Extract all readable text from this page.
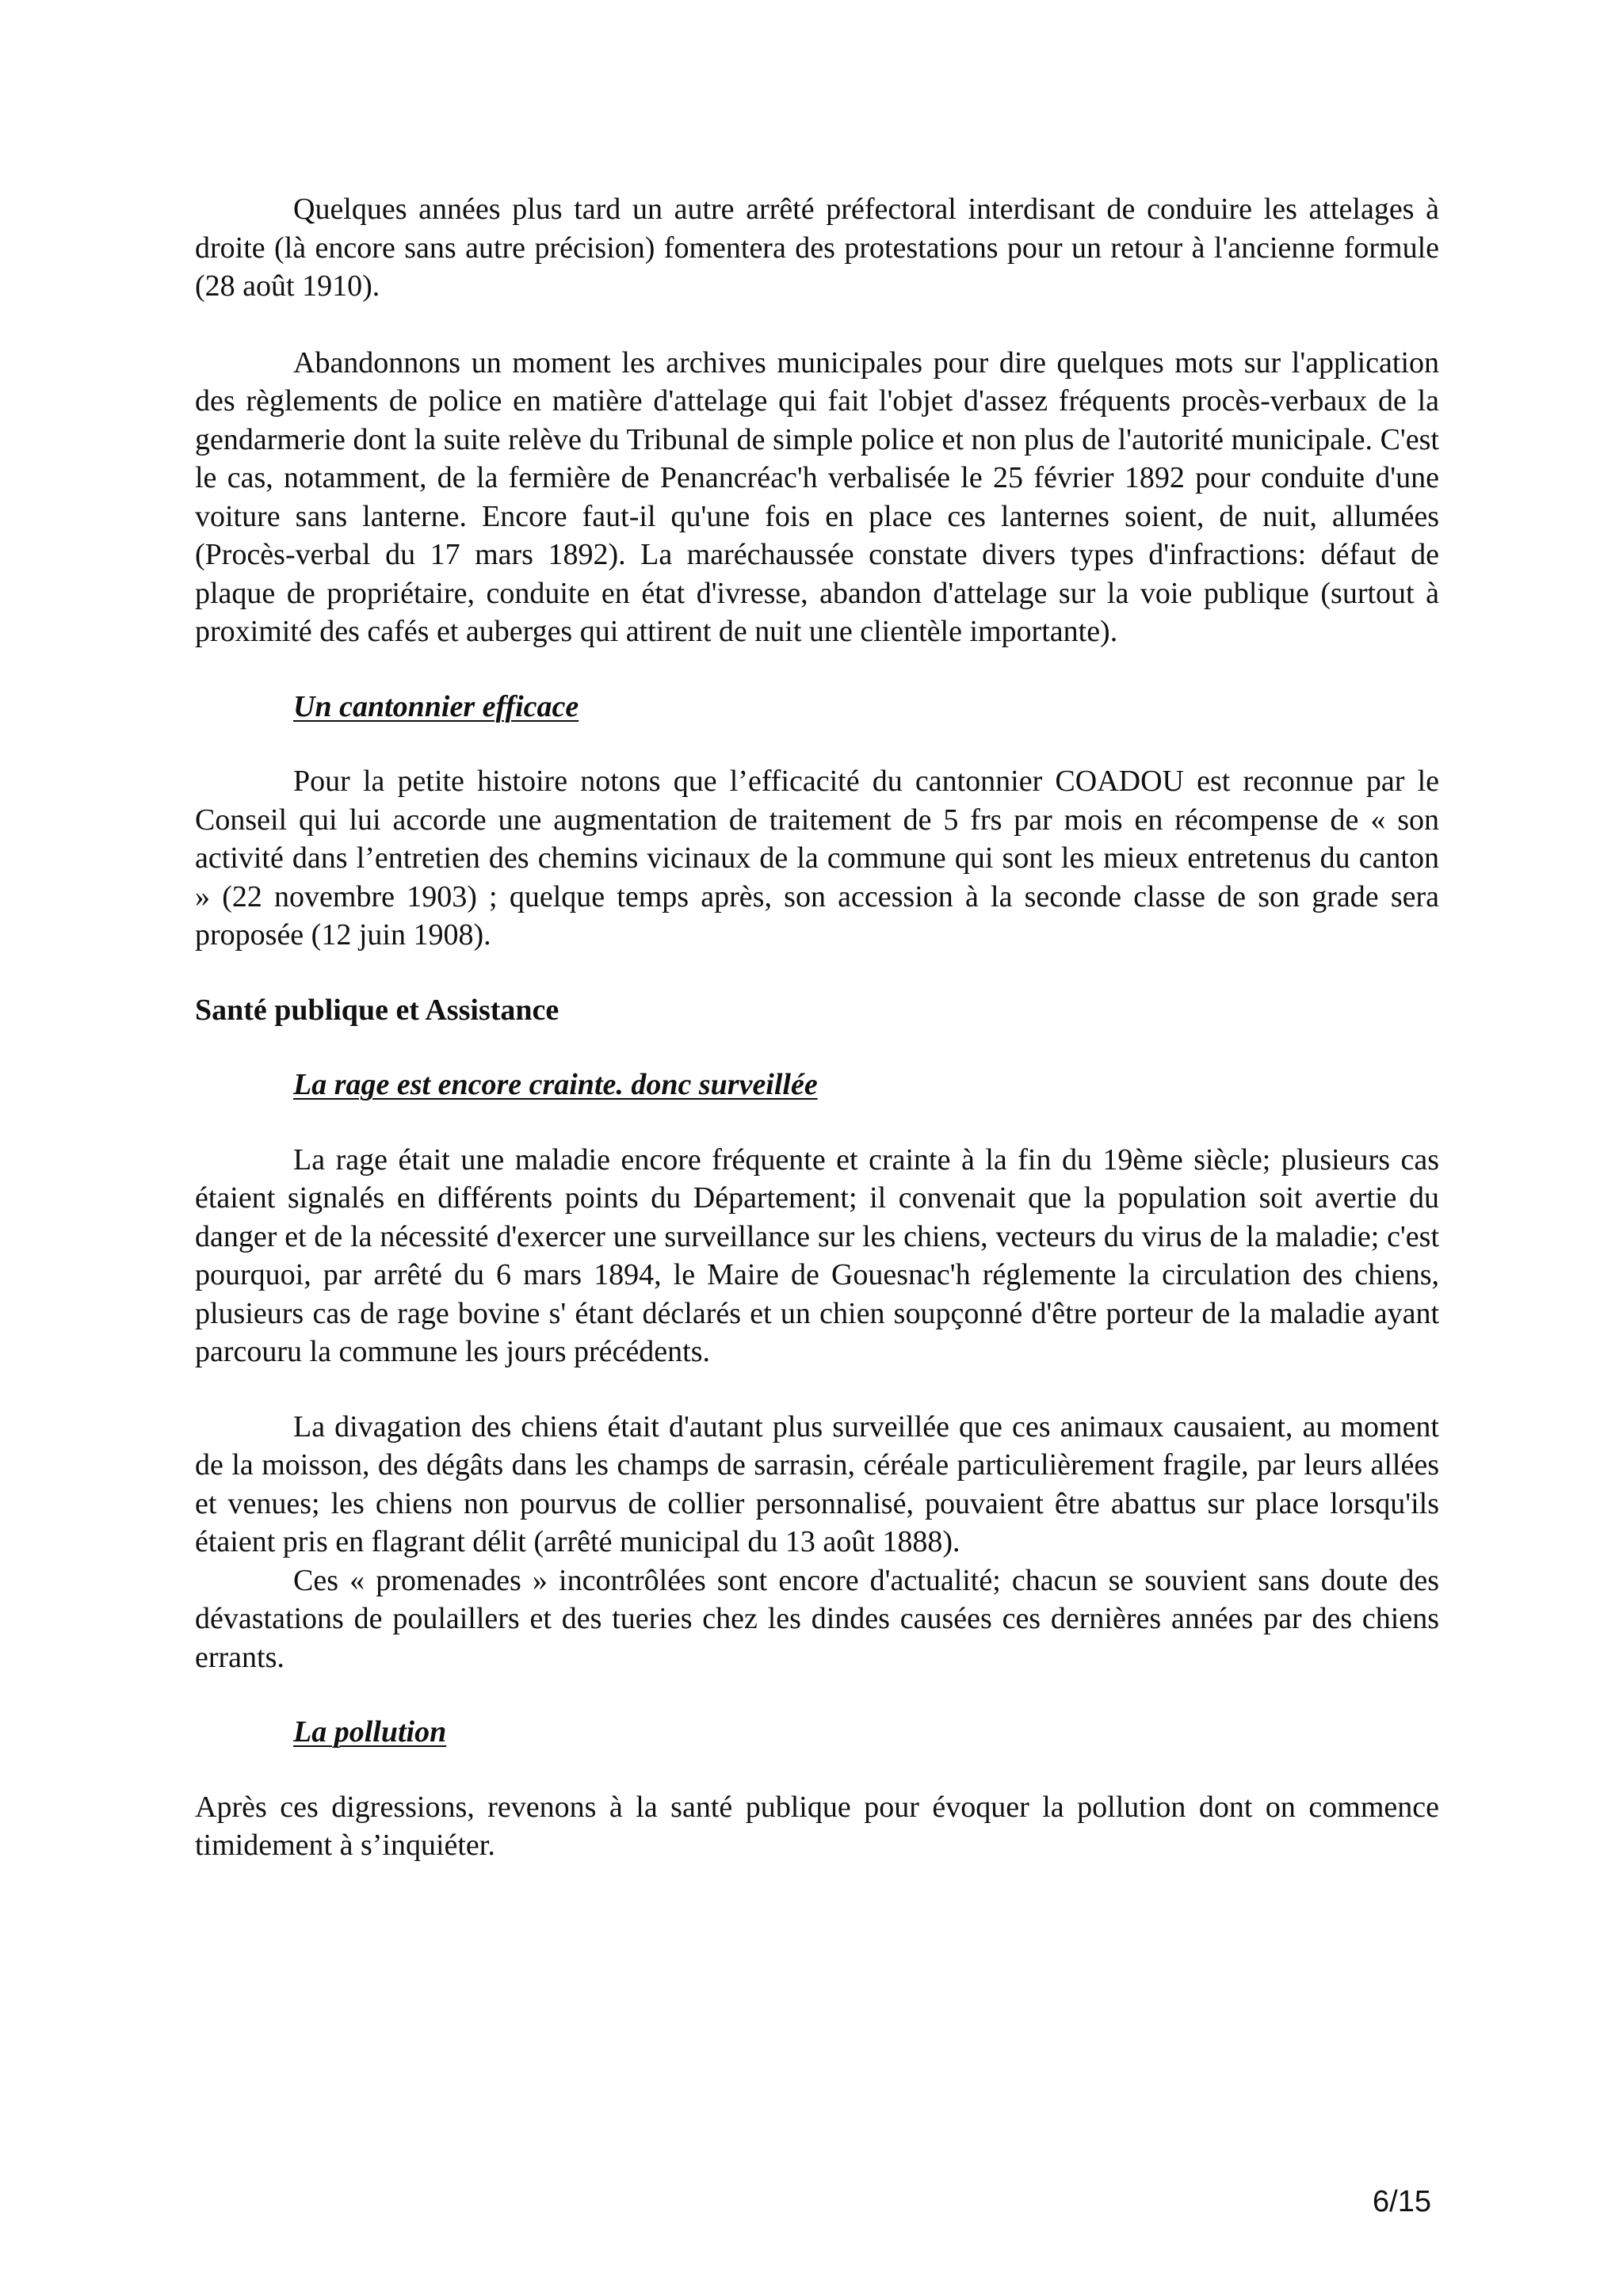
Quelques années plus tard un autre arrêté préfectoral interdisant de conduire les attelages à droite (là encore sans autre précision) fomentera des protestations pour un retour à l'ancienne formule (28 août 1910).

Abandonnons un moment les archives municipales pour dire quelques mots sur l'application des règlements de police en matière d'attelage qui fait l'objet d'assez fréquents procès-verbaux de la gendarmerie dont la suite relève du Tribunal de simple police et non plus de l'autorité municipale. C'est le cas, notamment, de la fermière de Penancréac'h verbalisée le 25 février 1892 pour conduite d'une voiture sans lanterne. Encore faut-il qu'une fois en place ces lanternes soient, de nuit, allumées (Procès-verbal du 17 mars 1892). La maréchaussée constate divers types d'infractions: défaut de plaque de propriétaire, conduite en état d'ivresse, abandon d'attelage sur la voie publique (surtout à proximité des cafés et auberges qui attirent de nuit une clientèle importante).

Un cantonnier efficace

Pour la petite histoire notons que l’efficacité du cantonnier COADOU est reconnue par le Conseil qui lui accorde une augmentation de traitement de 5 frs par mois en récompense de « son activité dans l’entretien des chemins vicinaux de la commune qui sont les mieux entretenus du canton » (22 novembre 1903) ; quelque temps après, son accession à la seconde classe de son grade sera proposée (12 juin 1908).

Santé publique et Assistance

La rage est encore crainte. donc surveillée

La rage était une maladie encore fréquente et crainte à la fin du 19ème siècle; plusieurs cas étaient signalés en différents points du Département; il convenait que la population soit avertie du danger et de la nécessité d'exercer une surveillance sur les chiens, vecteurs du virus de la maladie; c'est pourquoi, par arrêté du 6 mars 1894, le Maire de Gouesnac'h réglemente la circulation des chiens, plusieurs cas de rage bovine s' étant déclarés et un chien soupçonné d'être porteur de la maladie ayant parcouru la commune les jours précédents.

La divagation des chiens était d'autant plus surveillée que ces animaux causaient, au moment de la moisson, des dégâts dans les champs de sarrasin, céréale particulièrement fragile, par leurs allées et venues; les chiens non pourvus de collier personnalisé, pouvaient être abattus sur place lorsqu'ils étaient pris en flagrant délit (arrêté municipal du 13 août 1888).

Ces « promenades » incontrôlées sont encore d'actualité; chacun se souvient sans doute des dévastations de poulaillers et des tueries chez les dindes causées ces dernières années par des chiens errants.

La pollution

Après ces digressions, revenons à la santé publique pour évoquer la pollution dont on commence timidement à s’inquiéter.

6/15
